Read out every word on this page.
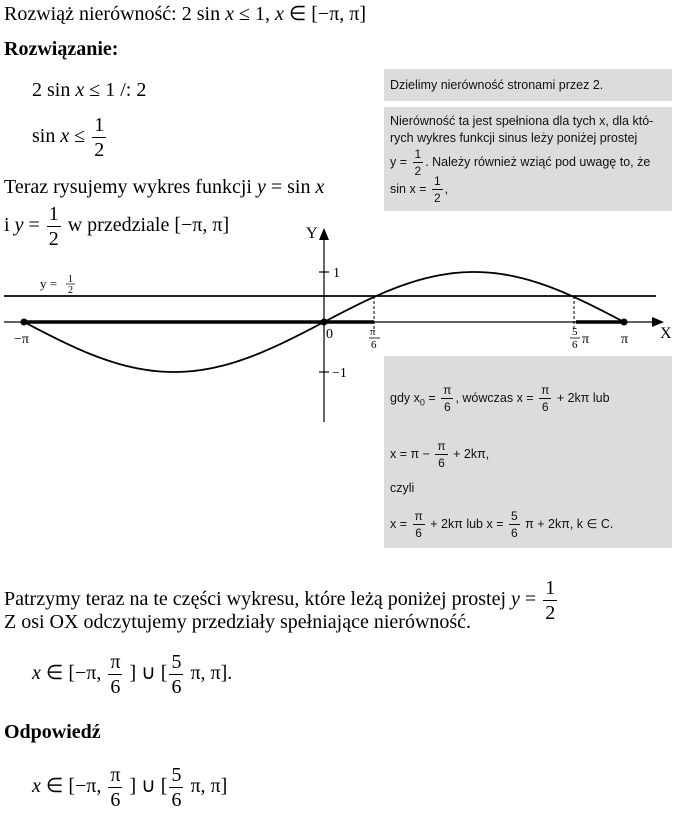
Rozwiąż nierówność: 2 sin x ≤ 1, x ∈ [−π, π]
Rozwiązanie:
2 sin x ≤ 1 /: 2
$\sin x \le \frac{1}{2}$
Teraz rysujemy wykres funkcji y = sin x
i $y = \frac{1}{2}$ w przedziale [−π, π]
Dzielimy nierówność stronami przez 2.
Nierówność ta jest spełniona dla tych x, dla któ-
rych wykres funkcji sinus leży poniżej prostej
$y = \frac{1}{2}$ . Należy również wziąć pod uwagę to, że
$\sin x = \frac{1}{2}$ ,
Y
X
1
−1
0
−π	π
π
6
5
6 π
y = 1
2
gdy $x_0 = \frac{\pi}{6}$ , wówczas $x = \frac{\pi}{6} + 2k\pi$ lub
$x = \pi - \frac{\pi}{6} + 2k\pi$,
czyli
$x = \frac{\pi}{6} + 2k\pi$ lub $x = \frac{5}{6}$ π + 2kπ, k ∈ C.
Patrzymy teraz na te części wykresu, które leżą poniżej prostej $y = \frac{1}{2}$
Z osi OX odczytujemy przedziały spełniające nierówność.
x ∈ [−π, $\frac{\pi}{6}$ ] ∪ [ $\frac{5}{6} \pi$, π].
Odpowiedź
x ∈ [−π, $\frac{\pi}{6}$ ] ∪ [ $\frac{5}{6} \pi$, π]
